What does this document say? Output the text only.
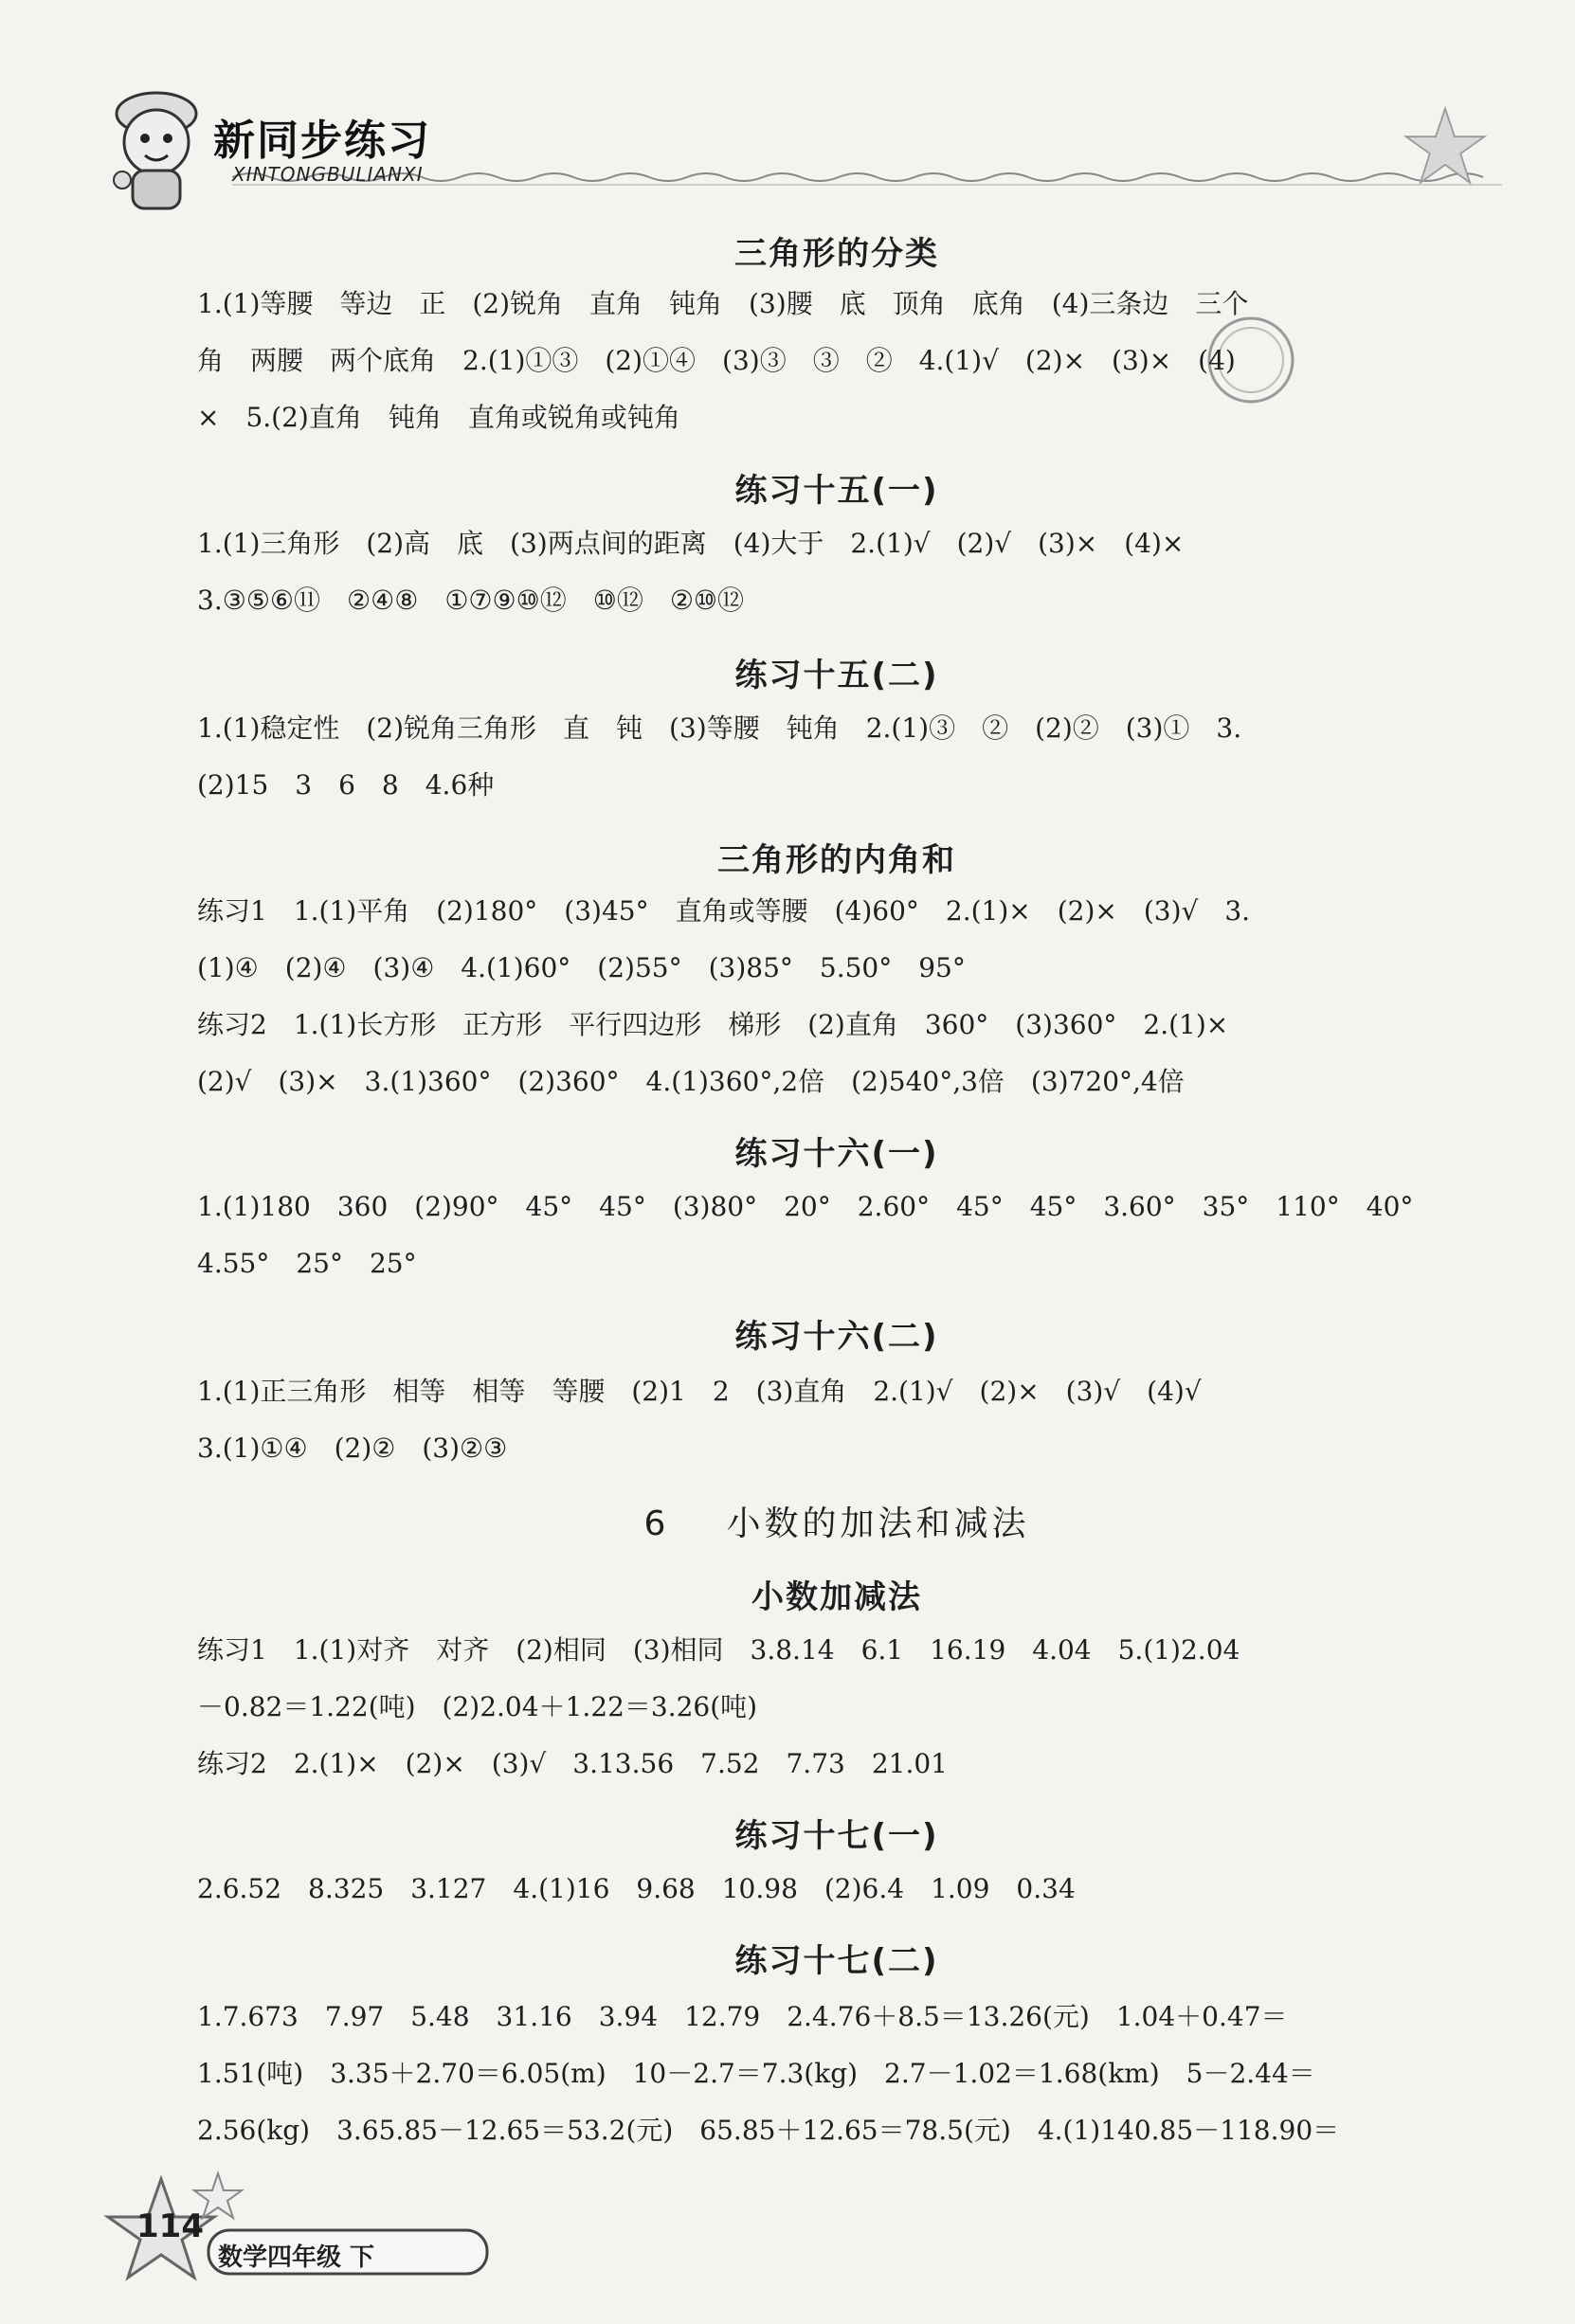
新同步练习
XINTONGBULIANXI
三角形的分类
1.(1)等腰　等边　正　(2)锐角　直角　钝角　(3)腰　底　顶角　底角　(4)三条边　三个
角　两腰　两个底角　2.(1)①③　(2)①④　(3)③　③　②　4.(1)√　(2)×　(3)×　(4)
×　5.(2)直角　钝角　直角或锐角或钝角
练习十五(一)
1.(1)三角形　(2)高　底　(3)两点间的距离　(4)大于　2.(1)√　(2)√　(3)×　(4)×
3.③⑤⑥⑪　②④⑧　①⑦⑨⑩⑫　⑩⑫　②⑩⑫
练习十五(二)
1.(1)稳定性　(2)锐角三角形　直　钝　(3)等腰　钝角　2.(1)③　②　(2)②　(3)①　3.
(2)15　3　6　8　4.6种
三角形的内角和
练习1　1.(1)平角　(2)180°　(3)45°　直角或等腰　(4)60°　2.(1)×　(2)×　(3)√　3.
(1)④　(2)④　(3)④　4.(1)60°　(2)55°　(3)85°　5.50°　95°
练习2　1.(1)长方形　正方形　平行四边形　梯形　(2)直角　360°　(3)360°　2.(1)×
(2)√　(3)×　3.(1)360°　(2)360°　4.(1)360°,2倍　(2)540°,3倍　(3)720°,4倍
练习十六(一)
1.(1)180　360　(2)90°　45°　45°　(3)80°　20°　2.60°　45°　45°　3.60°　35°　110°　40°
4.55°　25°　25°
练习十六(二)
1.(1)正三角形　相等　相等　等腰　(2)1　2　(3)直角　2.(1)√　(2)×　(3)√　(4)√
3.(1)①④　(2)②　(3)②③
6 小数的加法和减法
小数加减法
练习1　1.(1)对齐　对齐　(2)相同　(3)相同　3.8.14　6.1　16.19　4.04　5.(1)2.04
－0.82＝1.22(吨)　(2)2.04＋1.22＝3.26(吨)
练习2　2.(1)×　(2)×　(3)√　3.13.56　7.52　7.73　21.01
练习十七(一)
2.6.52　8.325　3.127　4.(1)16　9.68　10.98　(2)6.4　1.09　0.34
练习十七(二)
1.7.673　7.97　5.48　31.16　3.94　12.79　2.4.76＋8.5＝13.26(元)　1.04＋0.47＝
1.51(吨)　3.35＋2.70＝6.05(m)　10－2.7＝7.3(kg)　2.7－1.02＝1.68(km)　5－2.44＝
2.56(kg)　3.65.85－12.65＝53.2(元)　65.85＋12.65＝78.5(元)　4.(1)140.85－118.90＝
114
数学四年级 下
